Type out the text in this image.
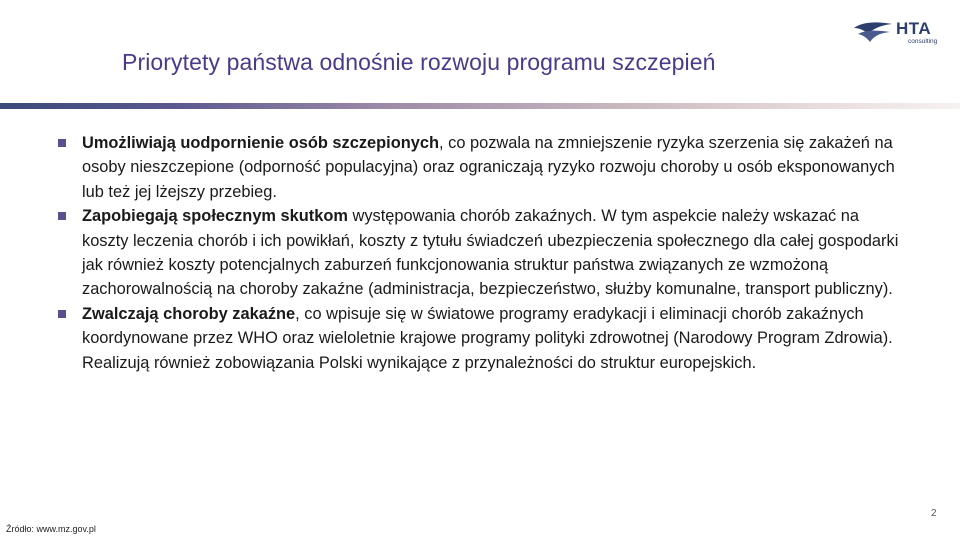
Priorytety państwa odnośnie rozwoju programu szczepień
HTA
consulting
Umożliwiają uodpornienie osób szczepionych, co pozwala na zmniejszenie ryzyka szerzenia się zakażeń na osoby nieszczepione (odporność populacyjna) oraz ograniczają ryzyko rozwoju choroby u osób eksponowanych lub też jej lżejszy przebieg.
Zapobiegają społecznym skutkom występowania chorób zakaźnych. W tym aspekcie należy wskazać na koszty leczenia chorób i ich powikłań, koszty z tytułu świadczeń ubezpieczenia społecznego dla całej gospodarki jak również koszty potencjalnych zaburzeń funkcjonowania struktur państwa związanych ze wzmożoną zachorowalnością na choroby zakaźne (administracja, bezpieczeństwo, służby komunalne, transport publiczny).
Zwalczają choroby zakaźne, co wpisuje się w światowe programy eradykacji i eliminacji chorób zakaźnych koordynowane przez WHO oraz wieloletnie krajowe programy polityki zdrowotnej (Narodowy Program Zdrowia). Realizują również zobowiązania Polski wynikające z przynależności do struktur europejskich.
2
Źródło: www.mz.gov.pl
